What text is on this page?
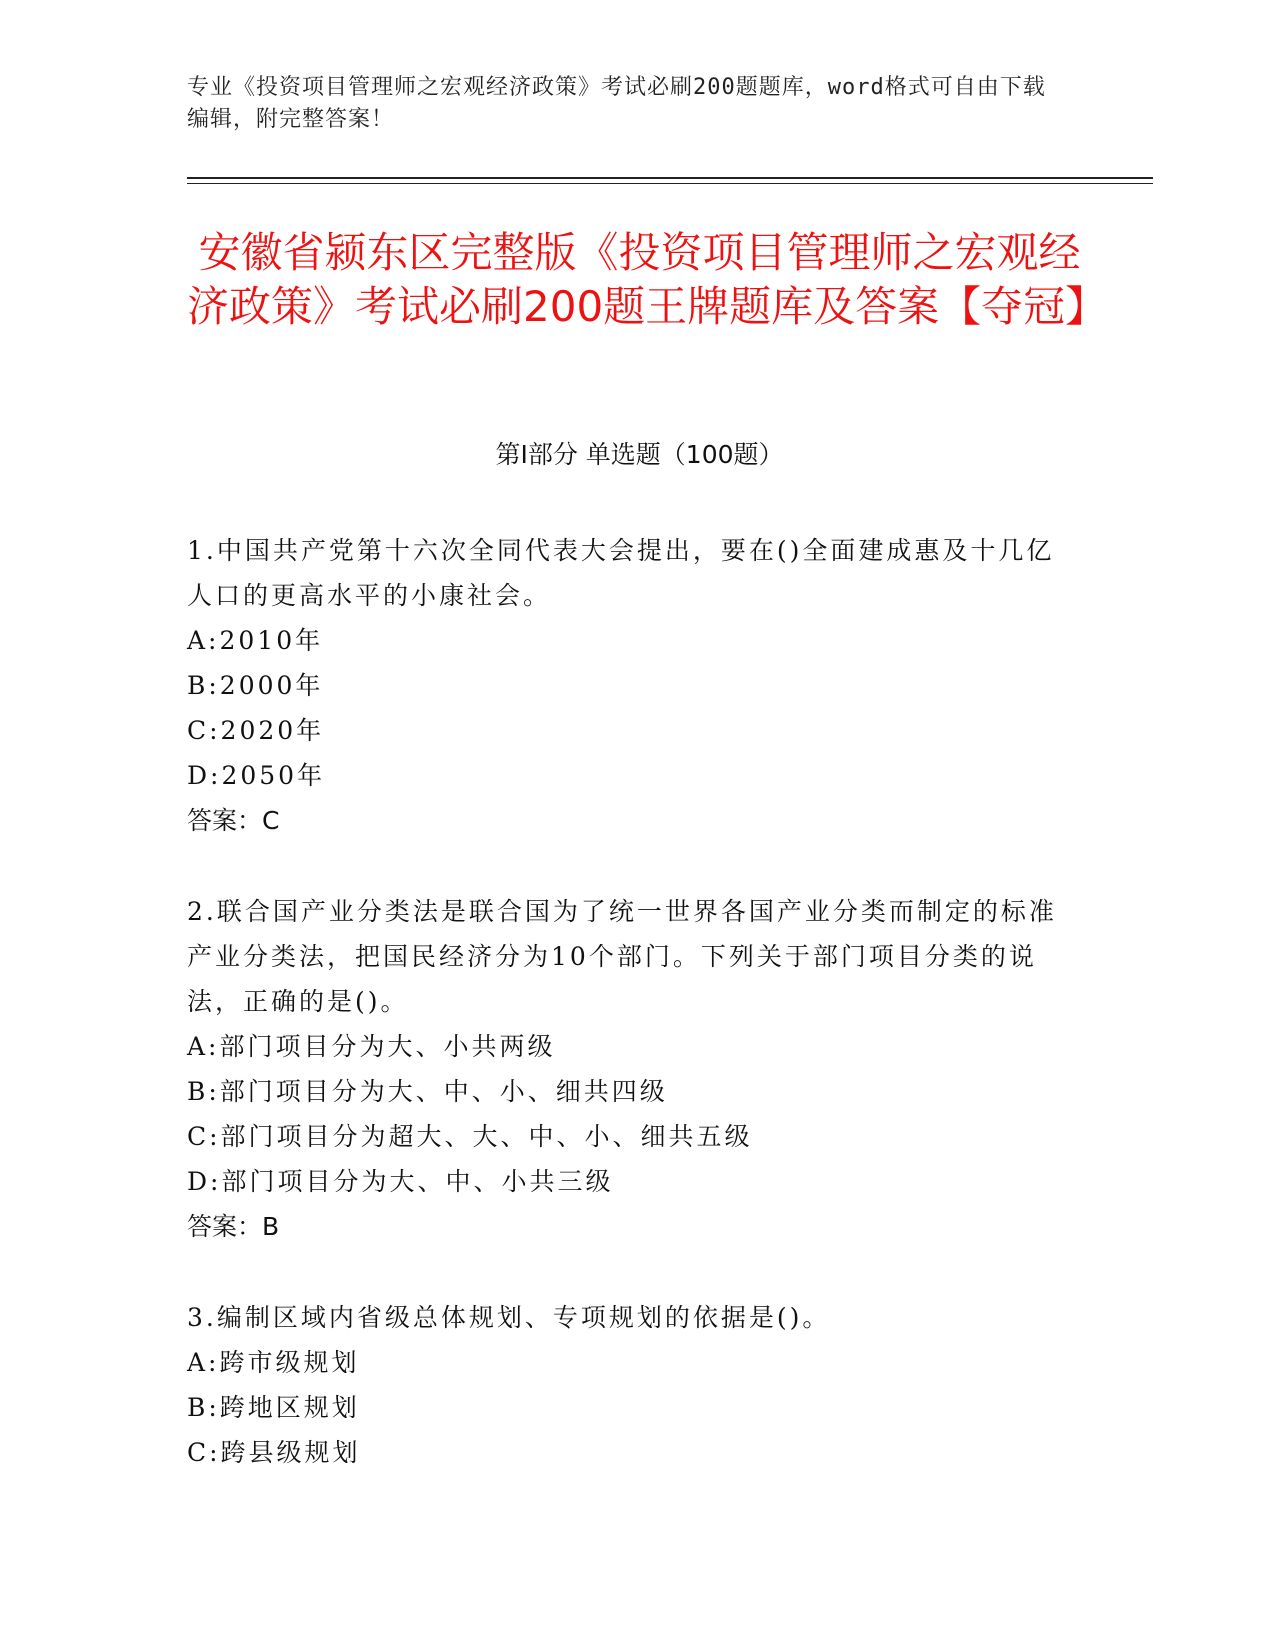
专业《投资项目管理师之宏观经济政策》考试必刷200题题库，word格式可自由下载编辑，附完整答案！
安徽省颍东区完整版《投资项目管理师之宏观经济政策》考试必刷200题王牌题库及答案【夺冠】
第I部分 单选题（100题）

1.中国共产党第十六次全同代表大会提出，要在()全面建成惠及十几亿人口的更高水平的小康社会。

A:2010年

B:2000年

C:2020年

D:2050年

答案：C

2.联合国产业分类法是联合国为了统一世界各国产业分类而制定的标准产业分类法，把国民经济分为10个部门。下列关于部门项目分类的说法，正确的是()。

A:部门项目分为大、小共两级

B:部门项目分为大、中、小、细共四级

C:部门项目分为超大、大、中、小、细共五级

D:部门项目分为大、中、小共三级

答案：B

3.编制区域内省级总体规划、专项规划的依据是()。

A:跨市级规划

B:跨地区规划

C:跨县级规划
